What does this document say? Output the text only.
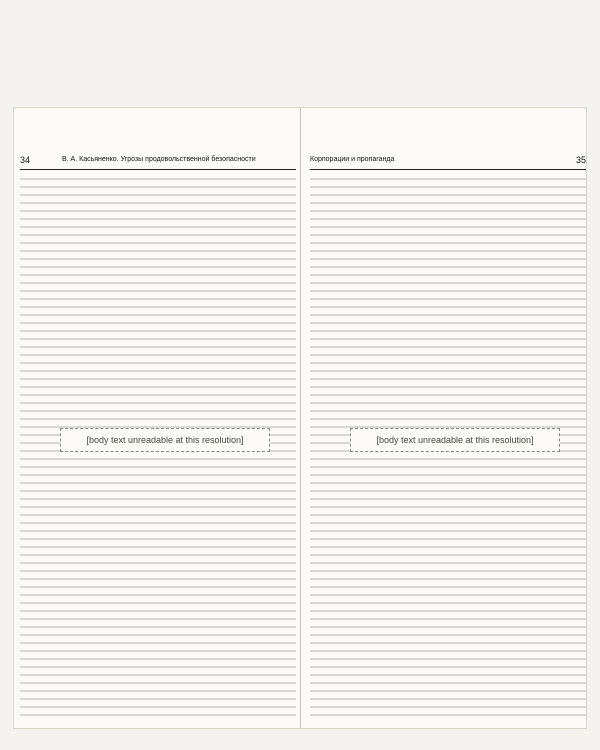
34	В. А. Касьяненко. Угрозы продовольственной безопасности
[body text unreadable at this resolution]
Корпорации и пропаганда	35
[body text unreadable at this resolution]
